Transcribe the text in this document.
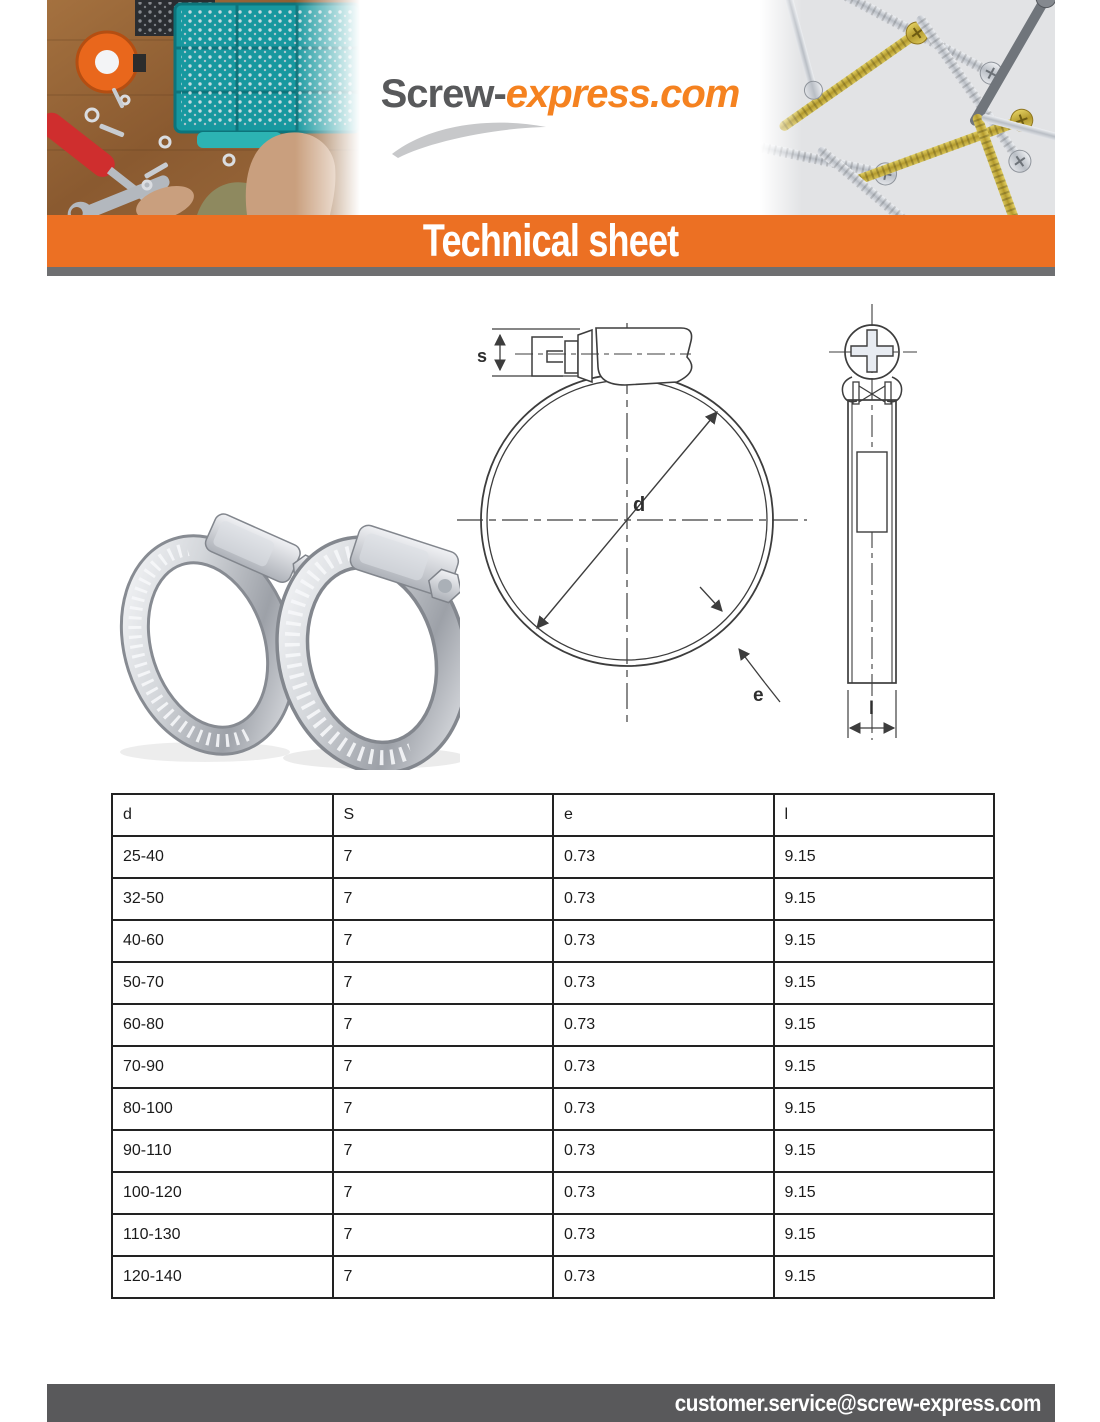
Screw-express.com
Technical sheet
d
s
e
l
d	S	e	l
25-40	7	0.73	9.15
32-50	7	0.73	9.15
40-60	7	0.73	9.15
50-70	7	0.73	9.15
60-80	7	0.73	9.15
70-90	7	0.73	9.15
80-100	7	0.73	9.15
90-110	7	0.73	9.15
100-120	7	0.73	9.15
110-130	7	0.73	9.15
120-140	7	0.73	9.15
customer.service@screw-express.com
